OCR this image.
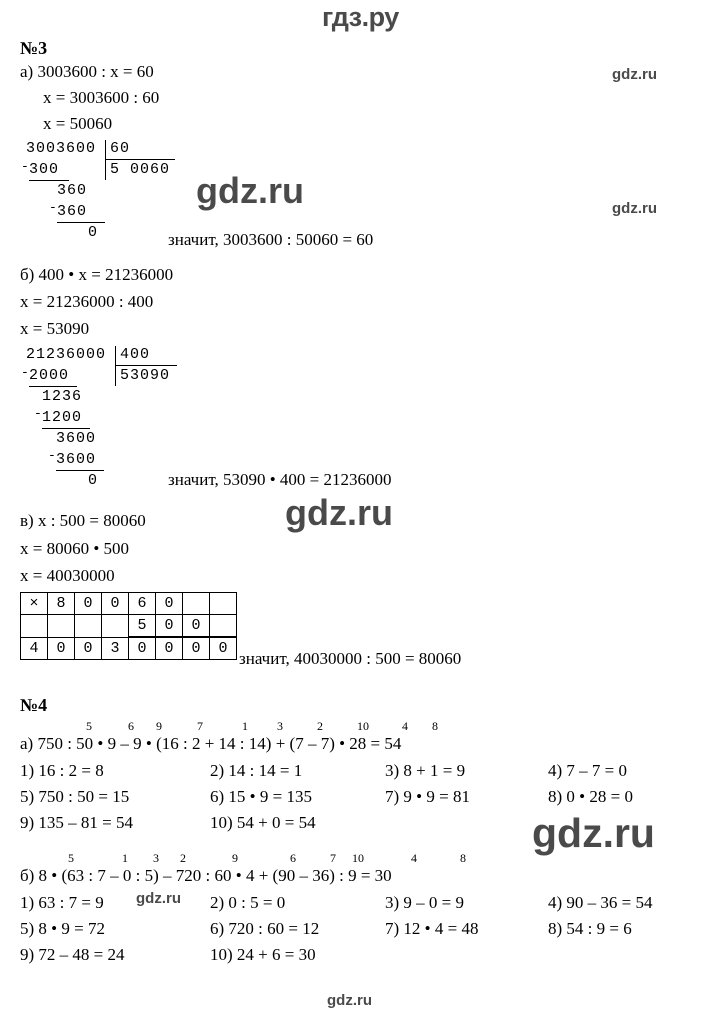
гдз.ру
gdz.ru
gdz.ru	gdz.ru
gdz.ru
gdz.ru
gdz.ru
gdz.ru
№3
а) 3003600 : х = 60
х = 3003600 : 60
х = 50060
3003600 60
5 0060
- 300
360
- 360
0	значит, 3003600 : 50060 = 60
б) 400 • х = 21236000
х = 21236000 : 400
х = 53090
21236000 400
53090
- 2000
1236
- 1200
3600
- 3600
0	значит, 53090 • 400 = 21236000
в) х : 500 = 80060
х = 80060 • 500
х = 40030000
×	8	0	0	6	0		
				5	0	0	
4	0	0	3	0	0	0	0
значит, 40030000 : 500 = 80060
№4
5	6 9	7	1 3	2	10	4 8
а) 750 : 50 • 9 – 9 • (16 : 2 + 14 : 14) + (7 – 7) • 28 = 54
1) 16 : 2 = 8	2) 14 : 14 = 1	3) 8 + 1 = 9	4) 7 – 7 = 0
5) 750 : 50 = 15	6) 15 • 9 = 135	7) 9 • 9 = 81	8) 0 • 28 = 0
9) 135 – 81 = 54	10) 54 + 0 = 54
5	1 3 2	9	6	7 10	4	8
б) 8 • (63 : 7 – 0 : 5) – 720 : 60 • 4 + (90 – 36) : 9 = 30
1) 63 : 7 = 9	2) 0 : 5 = 0	3) 9 – 0 = 9	4) 90 – 36 = 54
5) 8 • 9 = 72	6) 720 : 60 = 12	7) 12 • 4 = 48	8) 54 : 9 = 6
9) 72 – 48 = 24	10) 24 + 6 = 30
